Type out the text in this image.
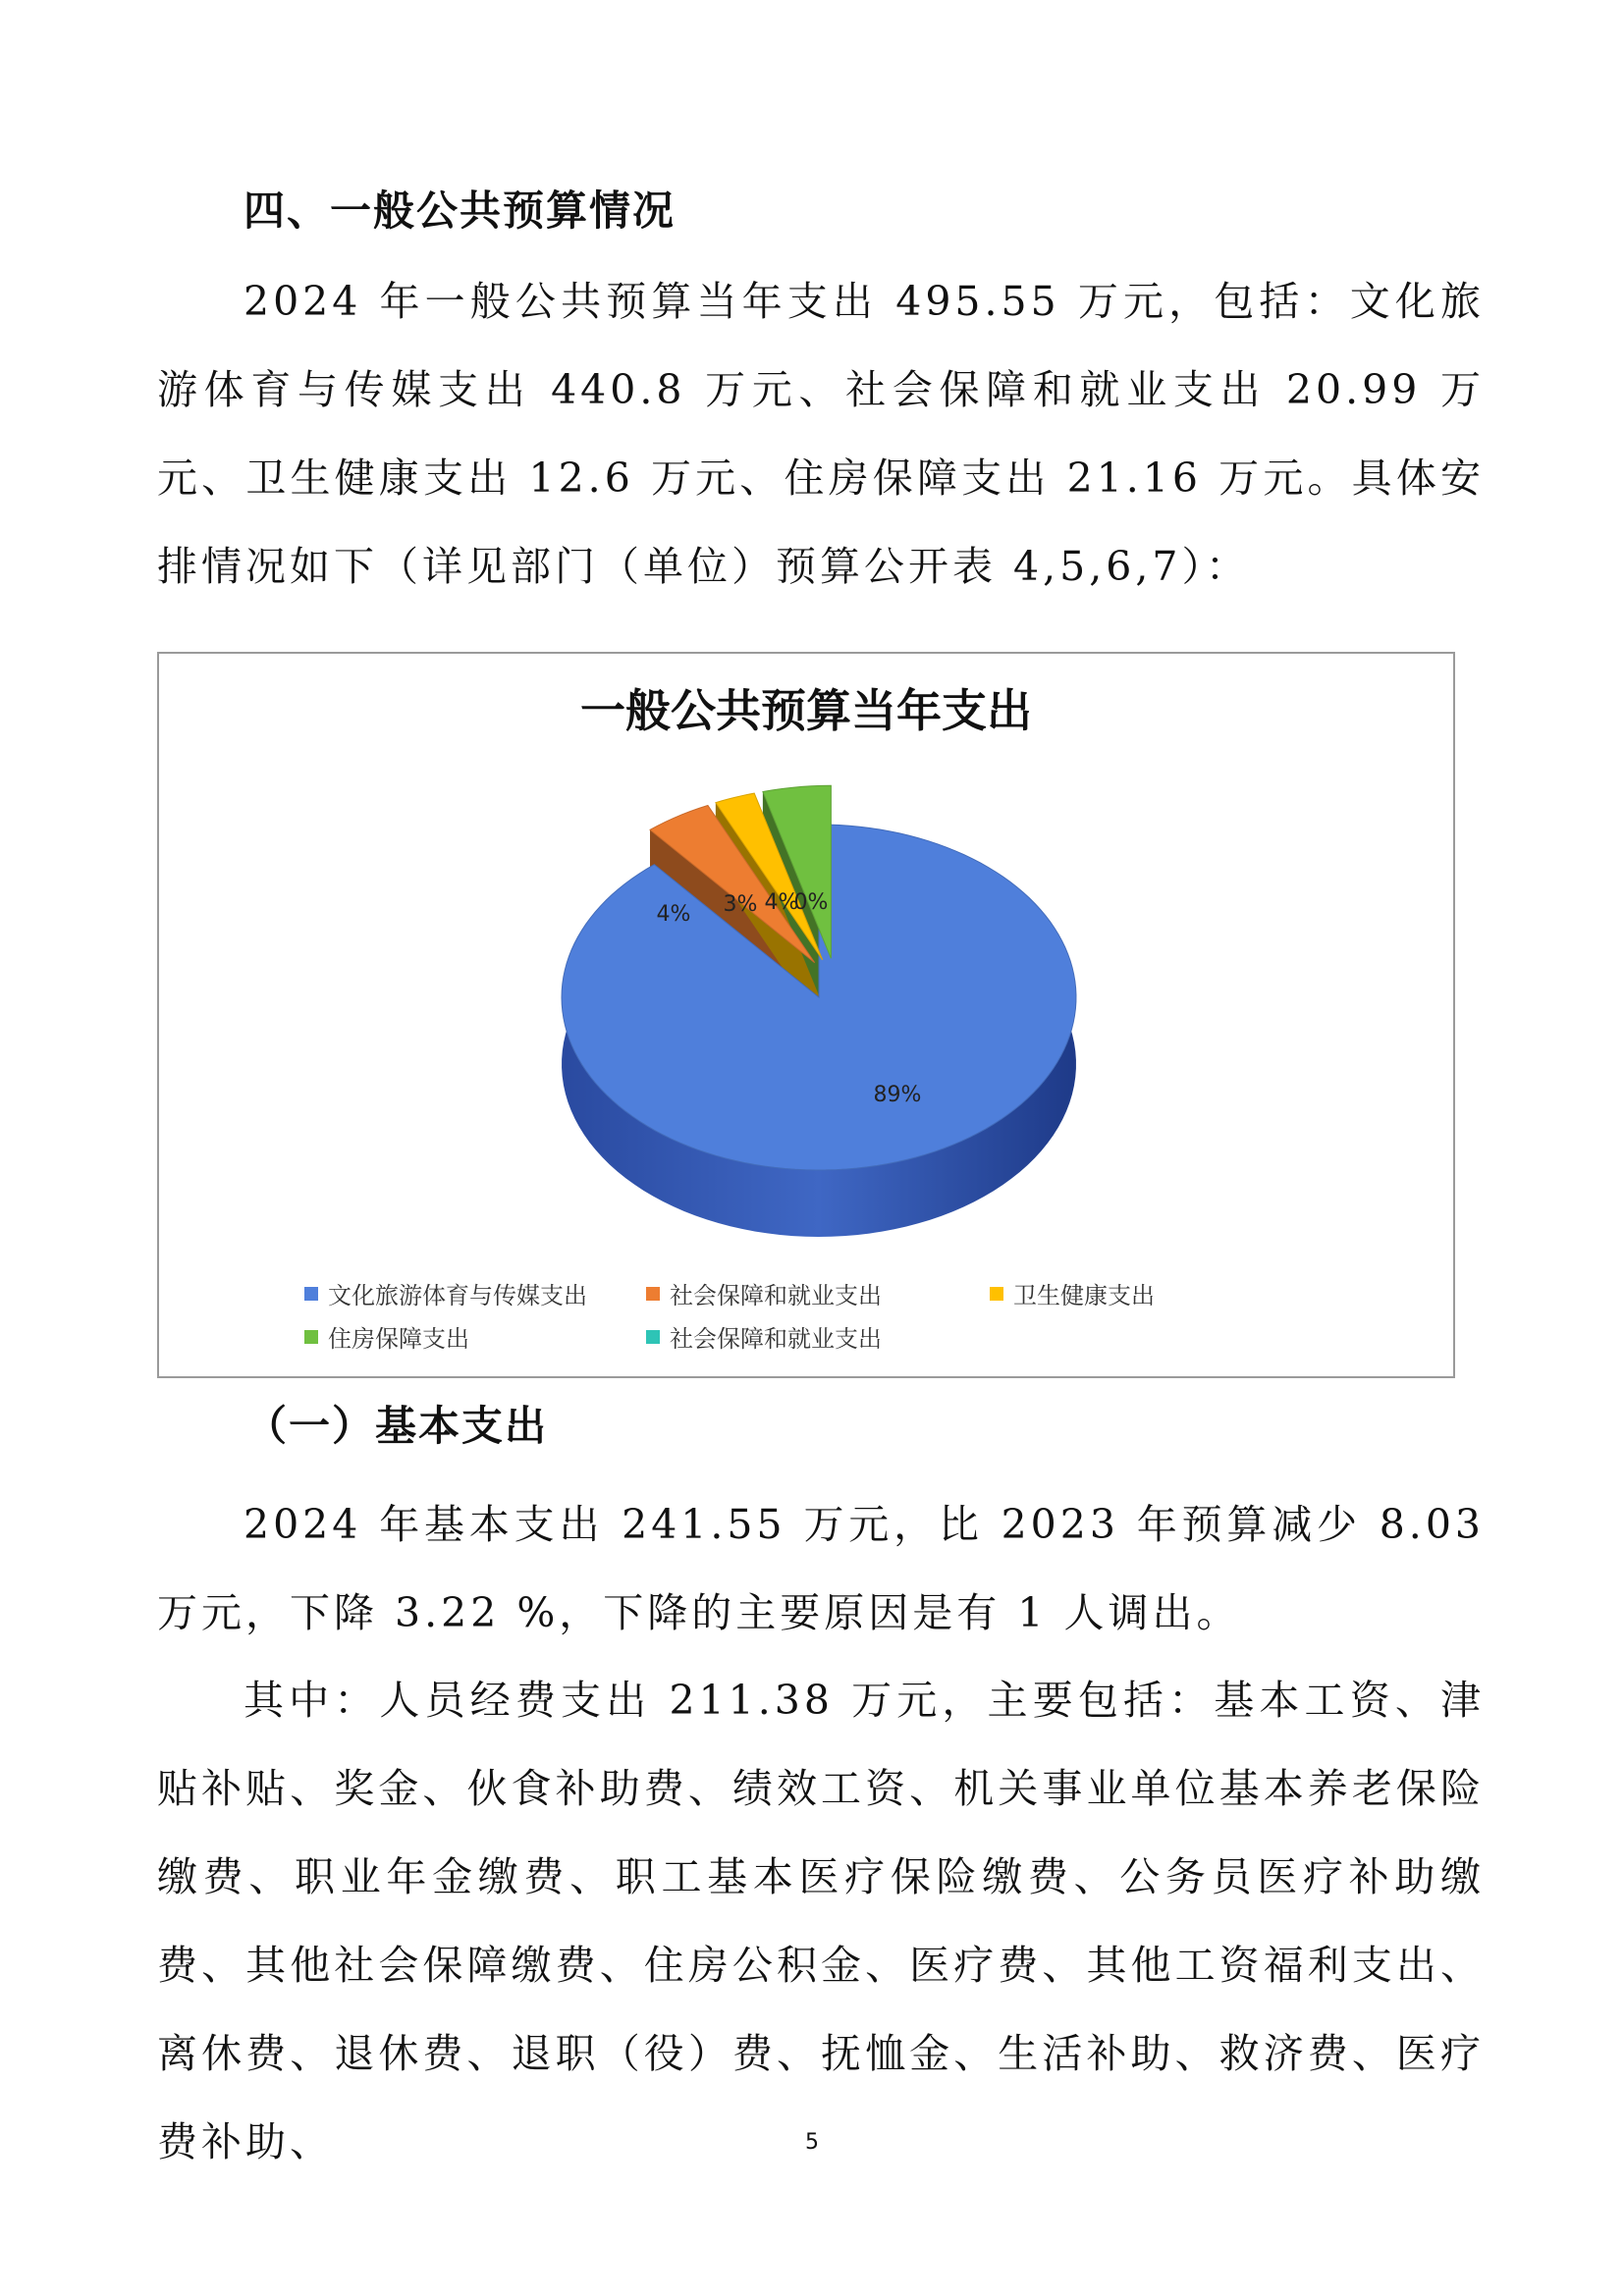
四、一般公共预算情况

2024 年一般公共预算当年支出 495.55 万元，包括：文化旅游体育与传媒支出 440.8 万元、社会保障和就业支出 20.99 万元、卫生健康支出 12.6 万元、住房保障支出 21.16 万元。具体安排情况如下（详见部门（单位）预算公开表 4,5,6,7）：

一般公共预算当年支出
89%
4% 3% 4%
0%
文化旅游体育与传媒支出	社会保障和就业支出	卫生健康支出
住房保障支出	社会保障和就业支出
（一）基本支出

2024 年基本支出 241.55 万元，比 2023 年预算减少 8.03 万元，下降 3.22 %，下降的主要原因是有 1 人调出。

其中：人员经费支出 211.38 万元，主要包括：基本工资、津贴补贴、奖金、伙食补助费、绩效工资、机关事业单位基本养老保险缴费、职业年金缴费、职工基本医疗保险缴费、公务员医疗补助缴费、其他社会保障缴费、住房公积金、医疗费、其他工资福利支出、离休费、退休费、退职（役）费、抚恤金、生活补助、救济费、医疗费补助、	5
